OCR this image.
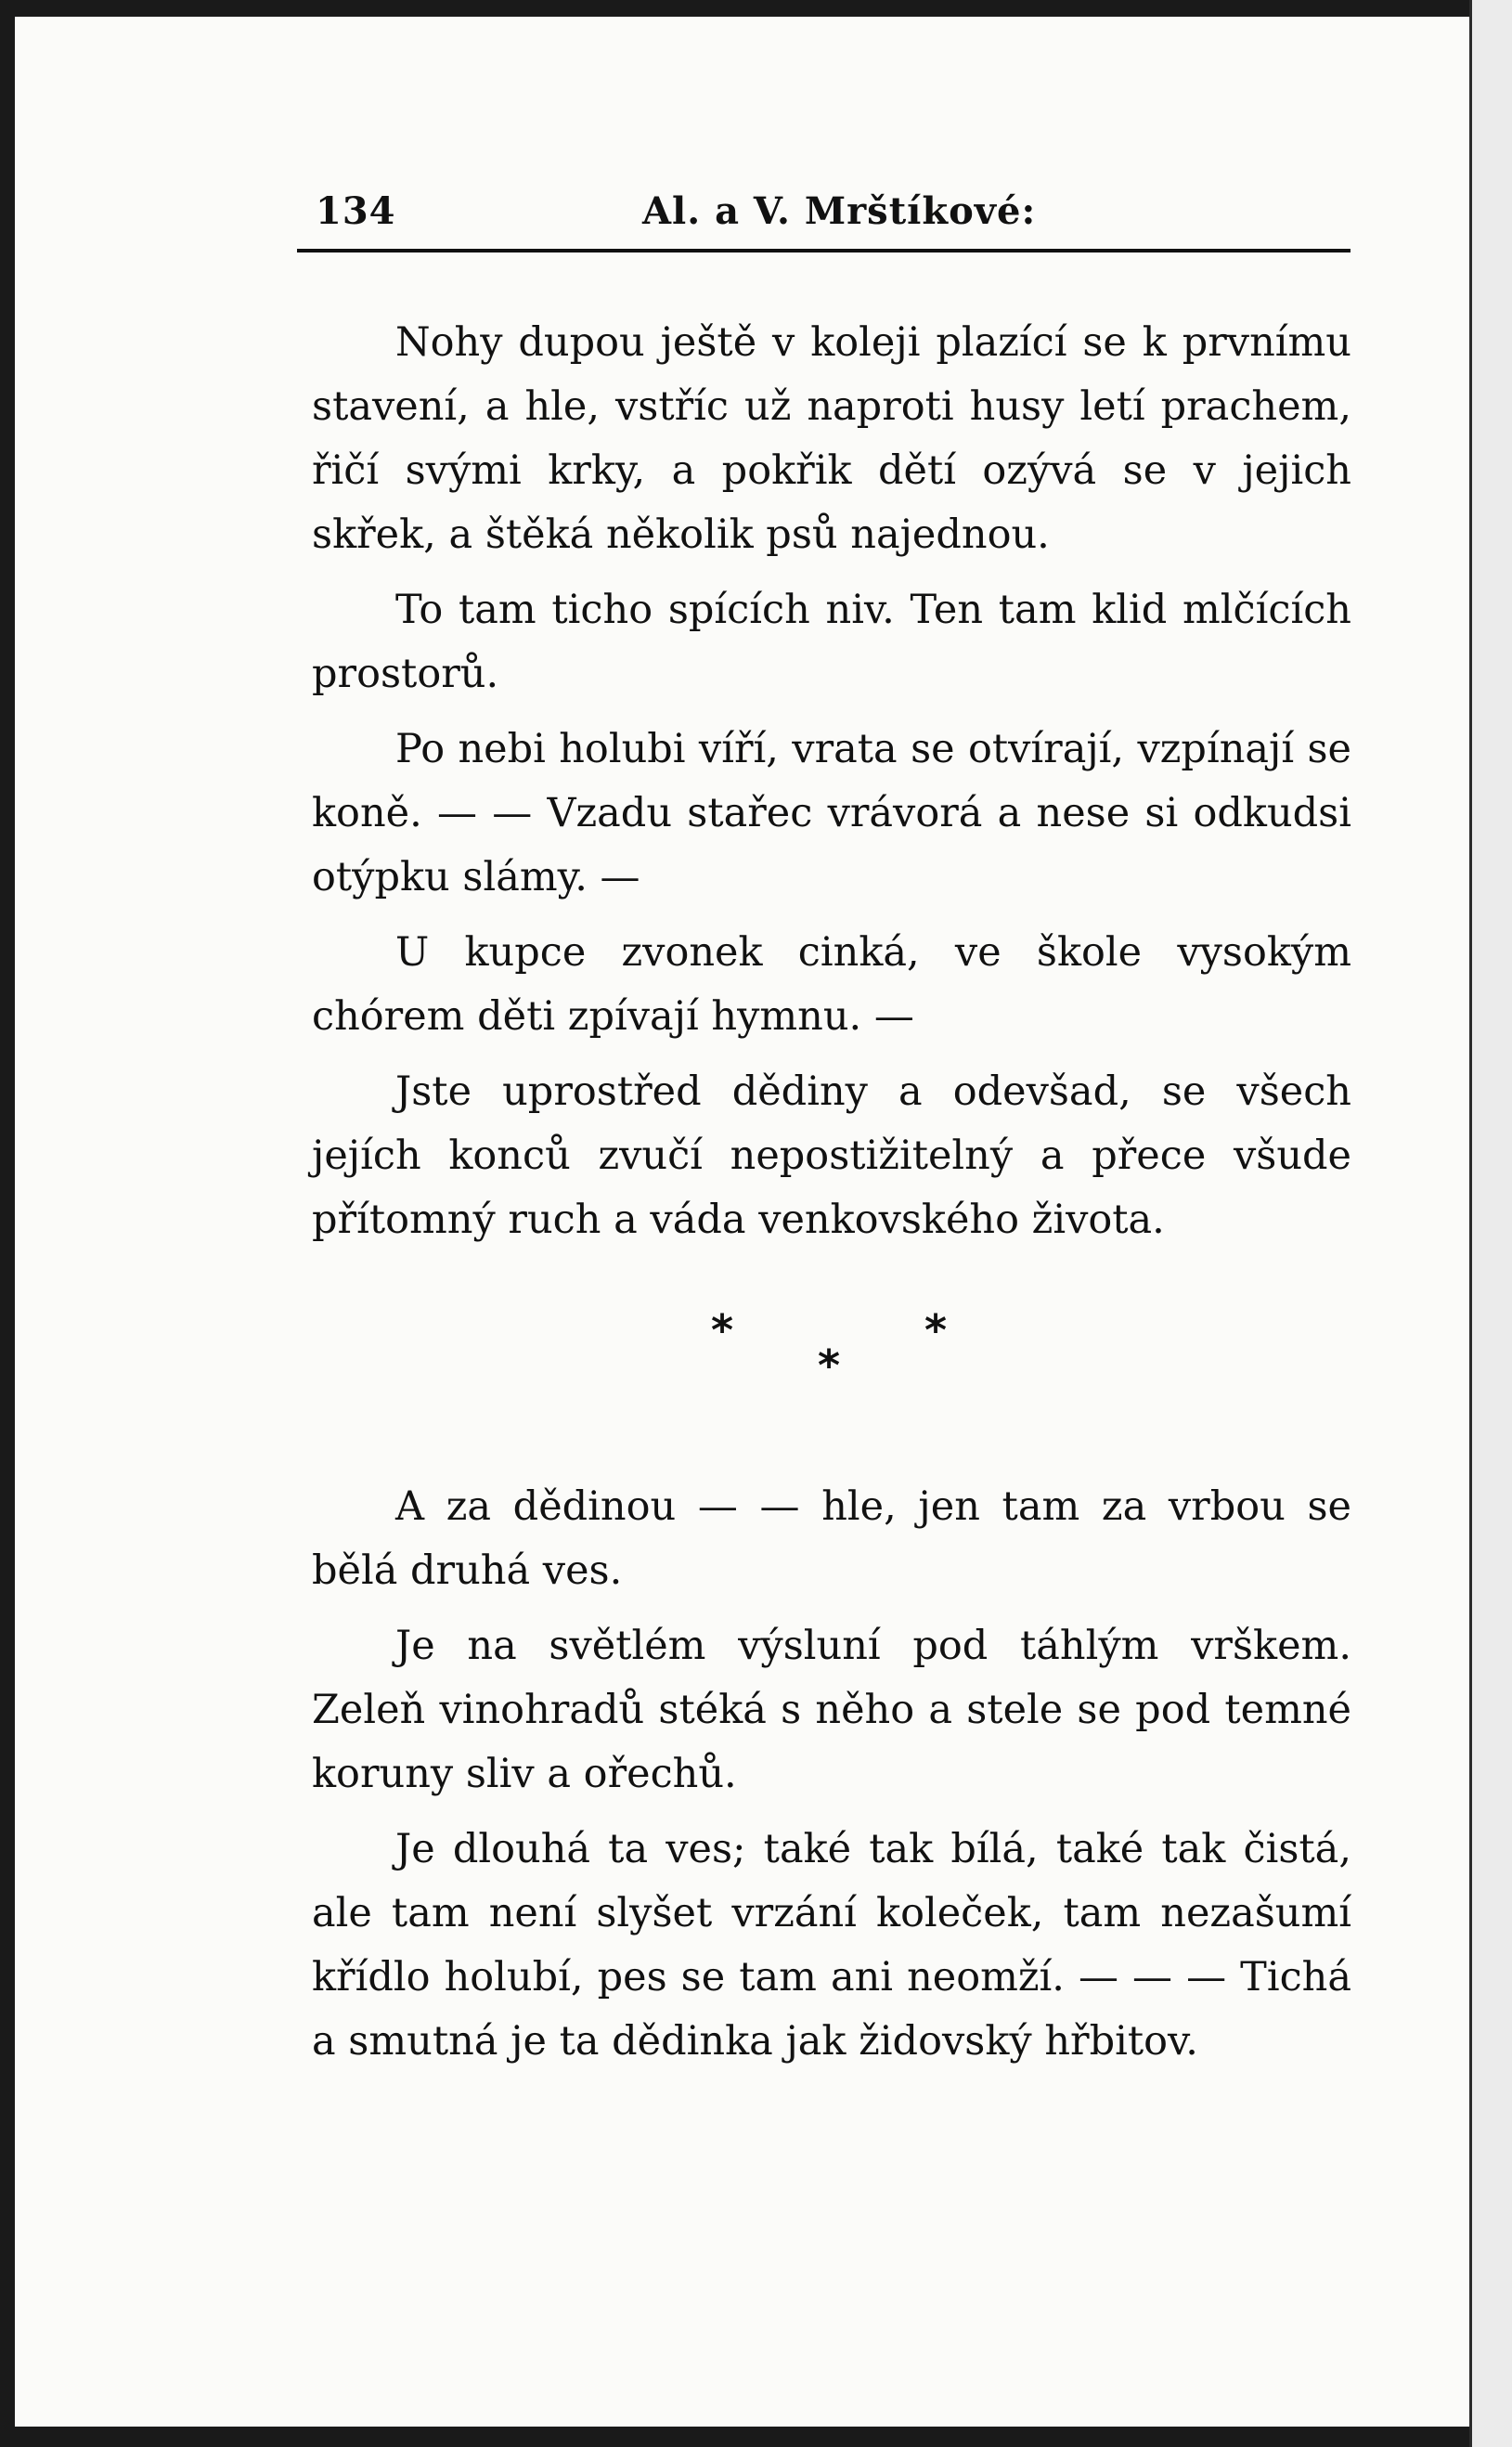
134	Al. a V. Mrštíkové:

Nohy dupou ještě v koleji plazící se k prvnímu stavení, a hle, vstříc už naproti husy letí prachem, řičí svými krky, a pokřik dětí ozývá se v jejich skřek, a štěká několik psů najednou.

To tam ticho spících niv. Ten tam klid mlčících prostorů.

Po nebi holubi víří, vrata se otvírají, vzpínají se koně. — — Vzadu stařec vrávorá a nese si odkudsi otýpku slámy. —

U kupce zvonek cinká, ve škole vysokým chórem děti zpívají hymnu. —

Jste uprostřed dědiny a odevšad, se všech jejích konců zvučí nepostižitelný a přece všude přítomný ruch a váda venkovského života.

*	*
*

A za dědinou — — hle, jen tam za vrbou se bělá druhá ves.

Je na světlém výsluní pod táhlým vrškem. Zeleň vinohradů stéká s něho a stele se pod temné koruny sliv a ořechů.

Je dlouhá ta ves; také tak bílá, také tak čistá, ale tam není slyšet vrzání koleček, tam nezašumí křídlo holubí, pes se tam ani neomží. — — — Tichá a smutná je ta dědinka jak židovský hřbitov.
